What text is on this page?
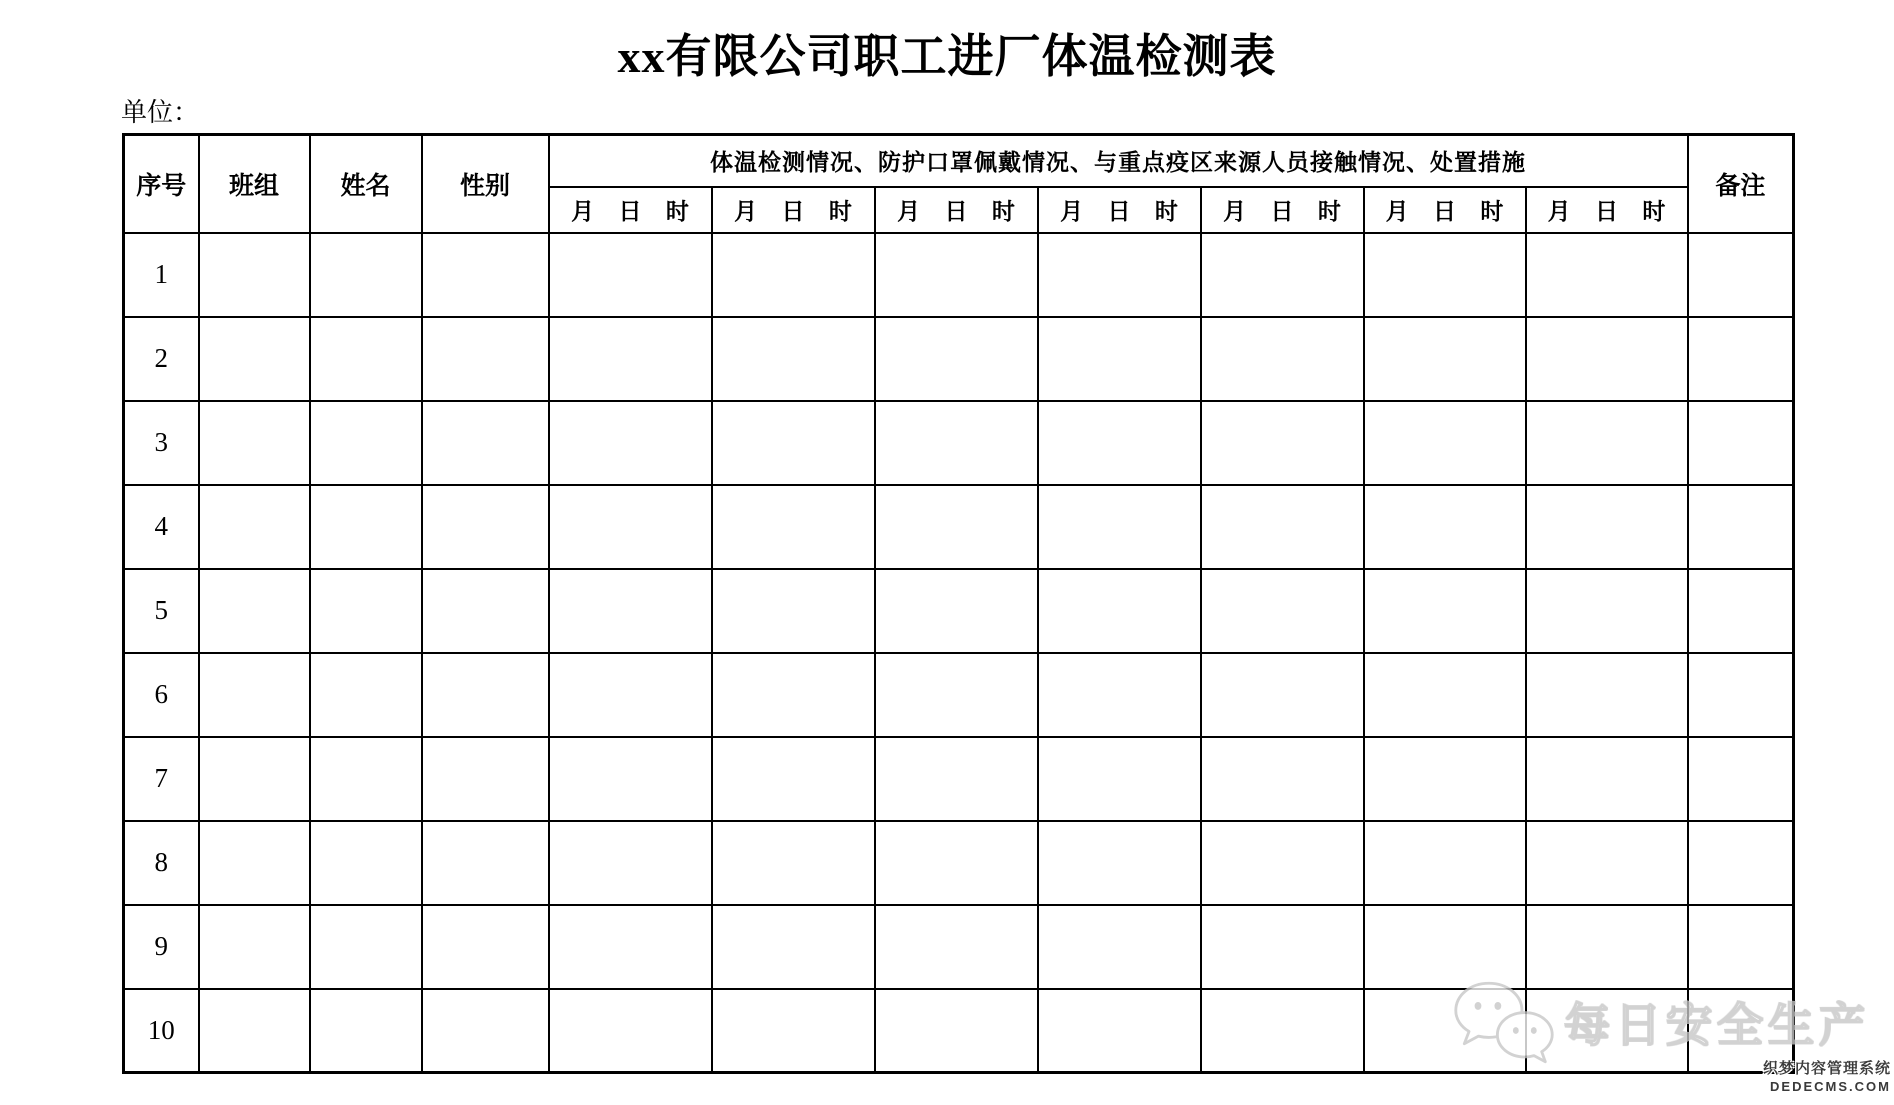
xx有限公司职工进厂体温检测表
单位：
序号	班组	姓名	性别	体温检测情况、防护口罩佩戴情况、与重点疫区来源人员接触情况、处置措施							备注
				月 日 时	月 日 时	月 日 时	月 日 时	月 日 时	月 日 时	月 日 时	
1											
2											
3											
4											
5											
6											
7											
8											
9											
10												每日安全生产
织梦内容管理系统
DEDECMS.COM
